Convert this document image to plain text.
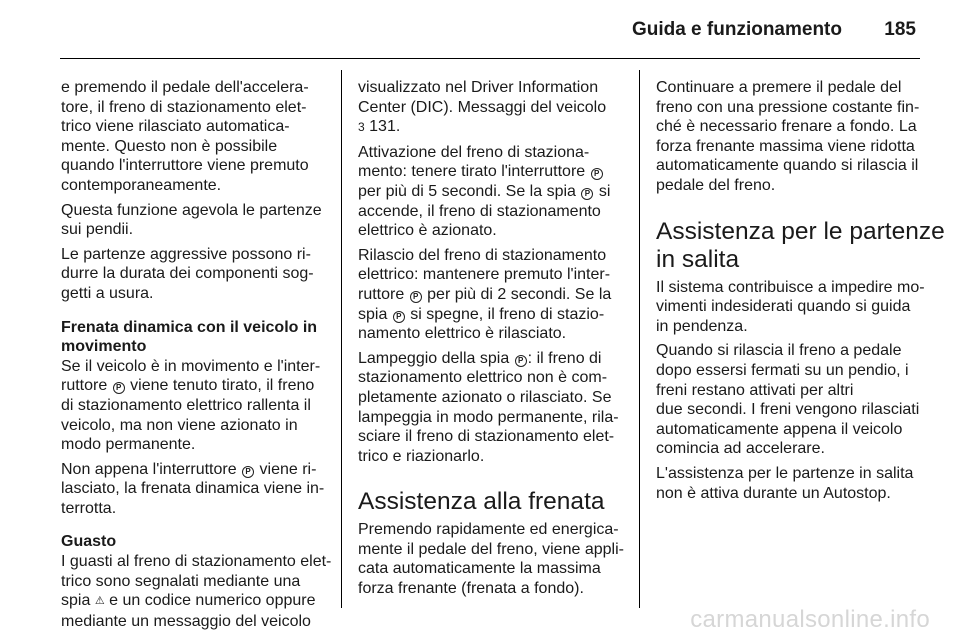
Guida e funzionamento 185
e premendo il pedale dell'accelera-
tore, il freno di stazionamento elet-
trico viene rilasciato automatica-
mente. Questo non è possibile
quando l'interruttore viene premuto
contemporaneamente.
Questa funzione agevola le partenze
sui pendii.
Le partenze aggressive possono ri-
durre la durata dei componenti sog-
getti a usura.
Frenata dinamica con il veicolo in
movimento
Se il veicolo è in movimento e l'inter-
ruttore P viene tenuto tirato, il freno
di stazionamento elettrico rallenta il
veicolo, ma non viene azionato in
modo permanente.
Non appena l'interruttore P viene ri-
lasciato, la frenata dinamica viene in-
terrotta.
Guasto
I guasti al freno di stazionamento elet-
trico sono segnalati mediante una
spia ⚠ e un codice numerico oppure
mediante un messaggio del veicolo
visualizzato nel Driver Information
Center (DIC). Messaggi del veicolo
3 131.
Attivazione del freno di staziona-
mento: tenere tirato l'interruttore P
per più di 5 secondi. Se la spia P si
accende, il freno di stazionamento
elettrico è azionato.
Rilascio del freno di stazionamento
elettrico: mantenere premuto l'inter-
ruttore P per più di 2 secondi. Se la
spia P si spegne, il freno di stazio-
namento elettrico è rilasciato.
Lampeggio della spia P : il freno di
stazionamento elettrico non è com-
pletamente azionato o rilasciato. Se
lampeggia in modo permanente, rila-
sciare il freno di stazionamento elet-
trico e riazionarlo.
Assistenza alla frenata
Premendo rapidamente ed energica-
mente il pedale del freno, viene appli-
cata automaticamente la massima
forza frenante (frenata a fondo).
Continuare a premere il pedale del
freno con una pressione costante fin-
ché è necessario frenare a fondo. La
forza frenante massima viene ridotta
automaticamente quando si rilascia il
pedale del freno.
Assistenza per le partenze
in salita
Il sistema contribuisce a impedire mo-
vimenti indesiderati quando si guida
in pendenza.
Quando si rilascia il freno a pedale
dopo essersi fermati su un pendio, i
freni restano attivati per altri
due secondi. I freni vengono rilasciati
automaticamente appena il veicolo
comincia ad accelerare.
L'assistenza per le partenze in salita
non è attiva durante un Autostop.
carmanualsonline.info
